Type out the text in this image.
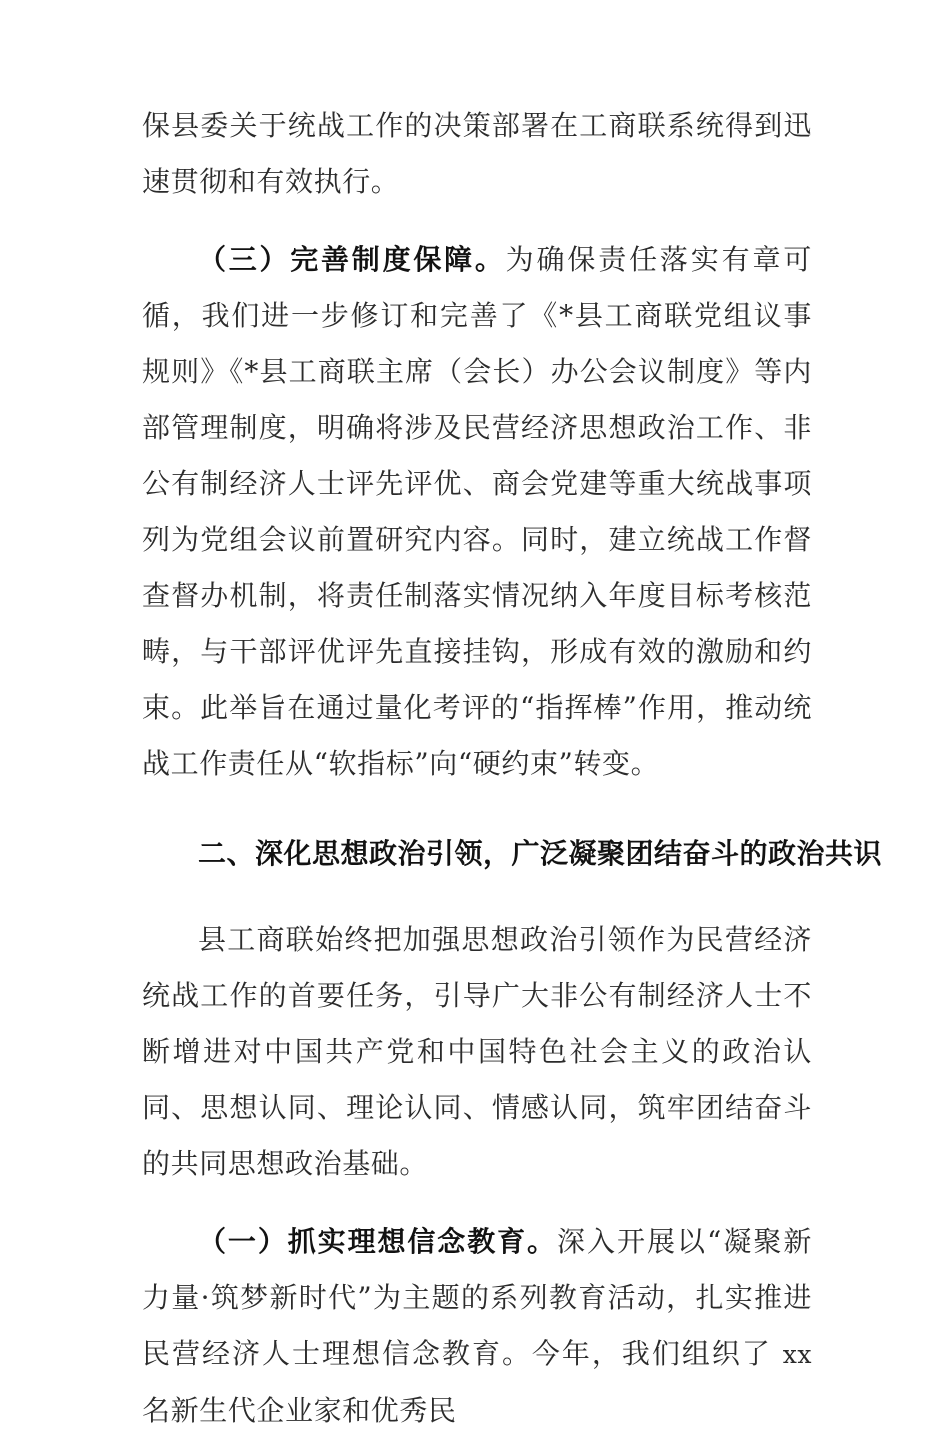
保县委关于统战工作的决策部署在工商联系统得到迅速贯彻和有效执行。

（三）完善制度保障。为确保责任落实有章可循，我们进一步修订和完善了《*县工商联党组议事规则》《*县工商联主席（会长）办公会议制度》等内部管理制度，明确将涉及民营经济思想政治工作、非公有制经济人士评先评优、商会党建等重大统战事项列为党组会议前置研究内容。同时，建立统战工作督查督办机制，将责任制落实情况纳入年度目标考核范畴，与干部评优评先直接挂钩，形成有效的激励和约束。此举旨在通过量化考评的“指挥棒”作用，推动统战工作责任从“软指标”向“硬约束”转变。

二、深化思想政治引领，广泛凝聚团结奋斗的政治共识

县工商联始终把加强思想政治引领作为民营经济统战工作的首要任务，引导广大非公有制经济人士不断增进对中国共产党和中国特色社会主义的政治认同、思想认同、理论认同、情感认同，筑牢团结奋斗的共同思想政治基础。

（一）抓实理想信念教育。深入开展以“凝聚新力量·筑梦新时代”为主题的系列教育活动，扎实推进民营经济人士理想信念教育。今年，我们组织了 xx 名新生代企业家和优秀民
